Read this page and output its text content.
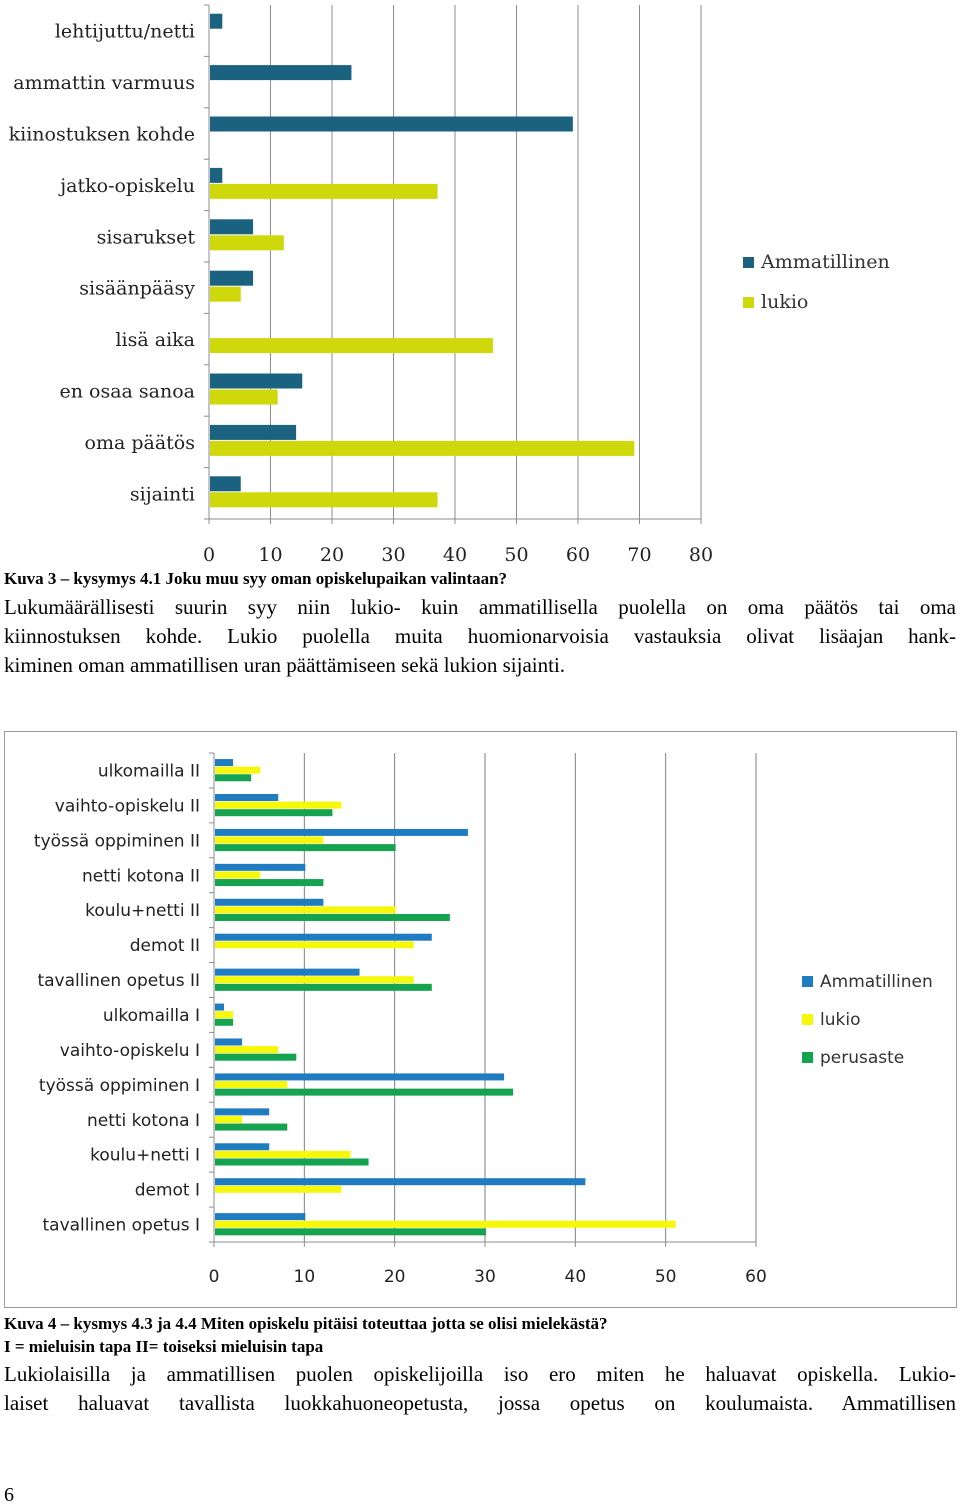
0 10 20 30 40 50 60 70 80
lehtijuttu/netti
ammattin varmuus
kiinostuksen kohde
jatko-opiskelu
sisarukset
sisäänpääsy
lisä aika
en osaa sanoa
oma päätös
sijainti
Ammatillinen
lukio
Kuva 3 – kysymys 4.1 Joku muu syy oman opiskelupaikan valintaan?
Lukumäärällisesti suurin syy niin lukio- kuin ammatillisella puolella on oma päätös tai oma
kiinnostuksen kohde. Lukio puolella muita huomionarvoisia vastauksia olivat lisäajan hank-
kiminen oman ammatillisen uran päättämiseen sekä lukion sijainti.
0	10	20	30	40	50	60
ulkomailla II
vaihto-opiskelu II
työssä oppiminen II
netti kotona II
koulu+netti II
demot II
tavallinen opetus II
ulkomailla I
vaihto-opiskelu I
työssä oppiminen I
netti kotona I
koulu+netti I
demot I
tavallinen opetus I
Ammatillinen
lukio
perusaste
Kuva 4 – kysmys 4.3 ja 4.4 Miten opiskelu pitäisi toteuttaa jotta se olisi mielekästä?
I = mieluisin tapa II= toiseksi mieluisin tapa
Lukiolaisilla ja ammatillisen puolen opiskelijoilla iso ero miten he haluavat opiskella. Lukio-
laiset haluavat tavallista luokkahuoneopetusta, jossa opetus on koulumaista. Ammatillisen
6
